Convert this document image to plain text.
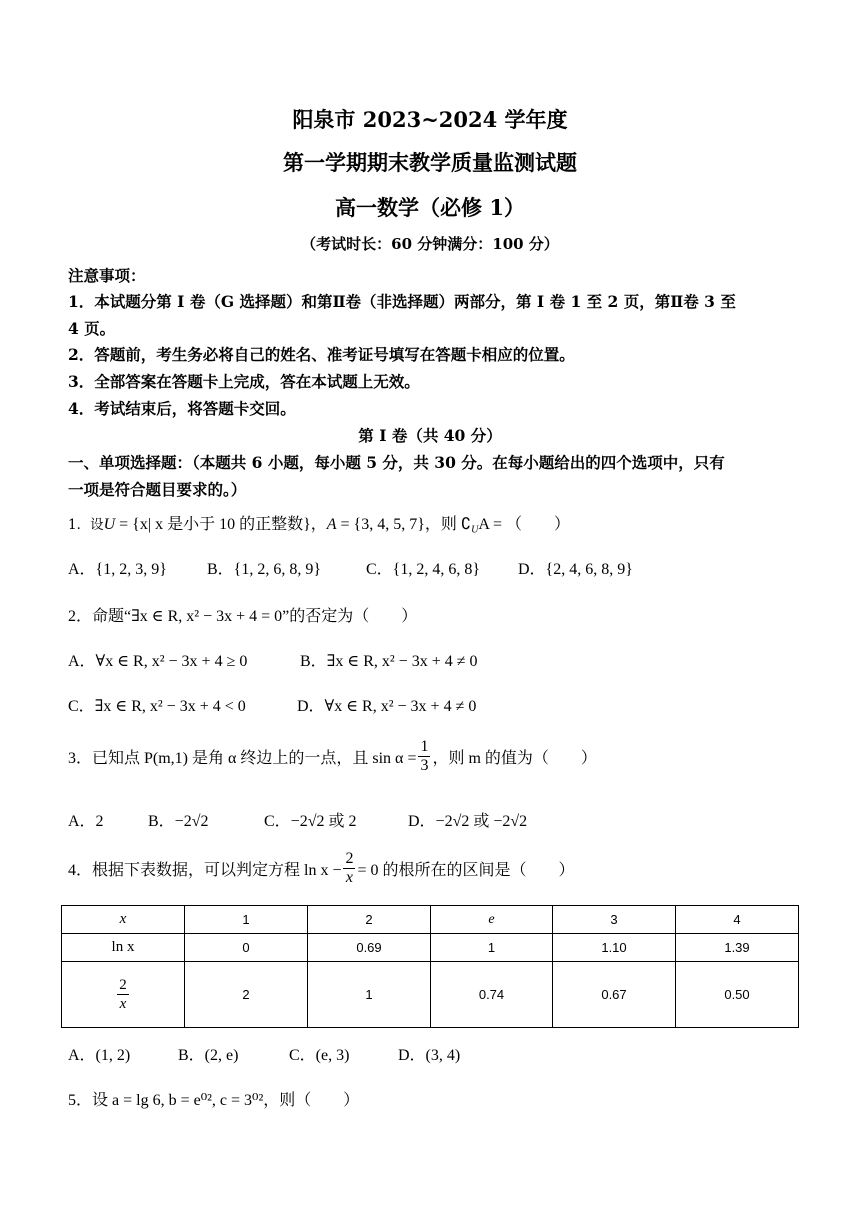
阳泉市 2023~2024 学年度
第一学期期末教学质量监测试题
高一数学（必修 1）
（考试时长：60 分钟满分：100 分）
注意事项：
1．本试题分第 I 卷（G 选择题）和第Ⅱ卷（非选择题）两部分，第 I 卷 1 至 2 页，第Ⅱ卷 3 至
4 页。
2．答题前，考生务必将自己的姓名、准考证号填写在答题卡相应的位置。
3．全部答案在答题卡上完成，答在本试题上无效。
4．考试结束后，将答题卡交回。
第 I 卷（共 40 分）
一、单项选择题：（本题共 6 小题，每小题 5 分，共 30 分。在每小题给出的四个选项中，只有
一项是符合题目要求的。）
1．设U = {x| x 是小于 10 的正整数}，A = {3, 4, 5, 7}，则 $∁_UA$ = （　　）
A．{1, 2, 3, 9}	B．{1, 2, 6, 8, 9}	C．{1, 2, 4, 6, 8} D．{2, 4, 6, 8, 9}
2．命题“∃x ∈ R, x² − 3x + 4 = 0”的否定为（　　）
A．∀x ∈ R, x² − 3x + 4 ≥ 0	B．∃x ∈ R, x² − 3x + 4 ≠ 0
C．∃x ∈ R, x² − 3x + 4 < 0	D．∀x ∈ R, x² − 3x + 4 ≠ 0
3．已知点 P(m,1) 是角 α 终边上的一点，且 $\sin \alpha = \frac{1}{3}$ ，则 m 的值为（　　）
A．2	B．−2√2	C．−2√2 或 2	D．−2√2 或 −2√2
4．根据下表数据，可以判定方程 $\ln x - \frac{2}{x} = 0$ 的根所在的区间是（　　）
x	1	2	e	3	4
ln x	0	0.69	1	1.10	1.39

$\frac{2}{x}$	2	1	0.74	0.67	0.50
A．(1, 2)	B．(2, e)	C．(e, 3)	D．(3, 4)
5．设 a = lg 6, b = e⁰², c = 3⁰²，则（　　）
